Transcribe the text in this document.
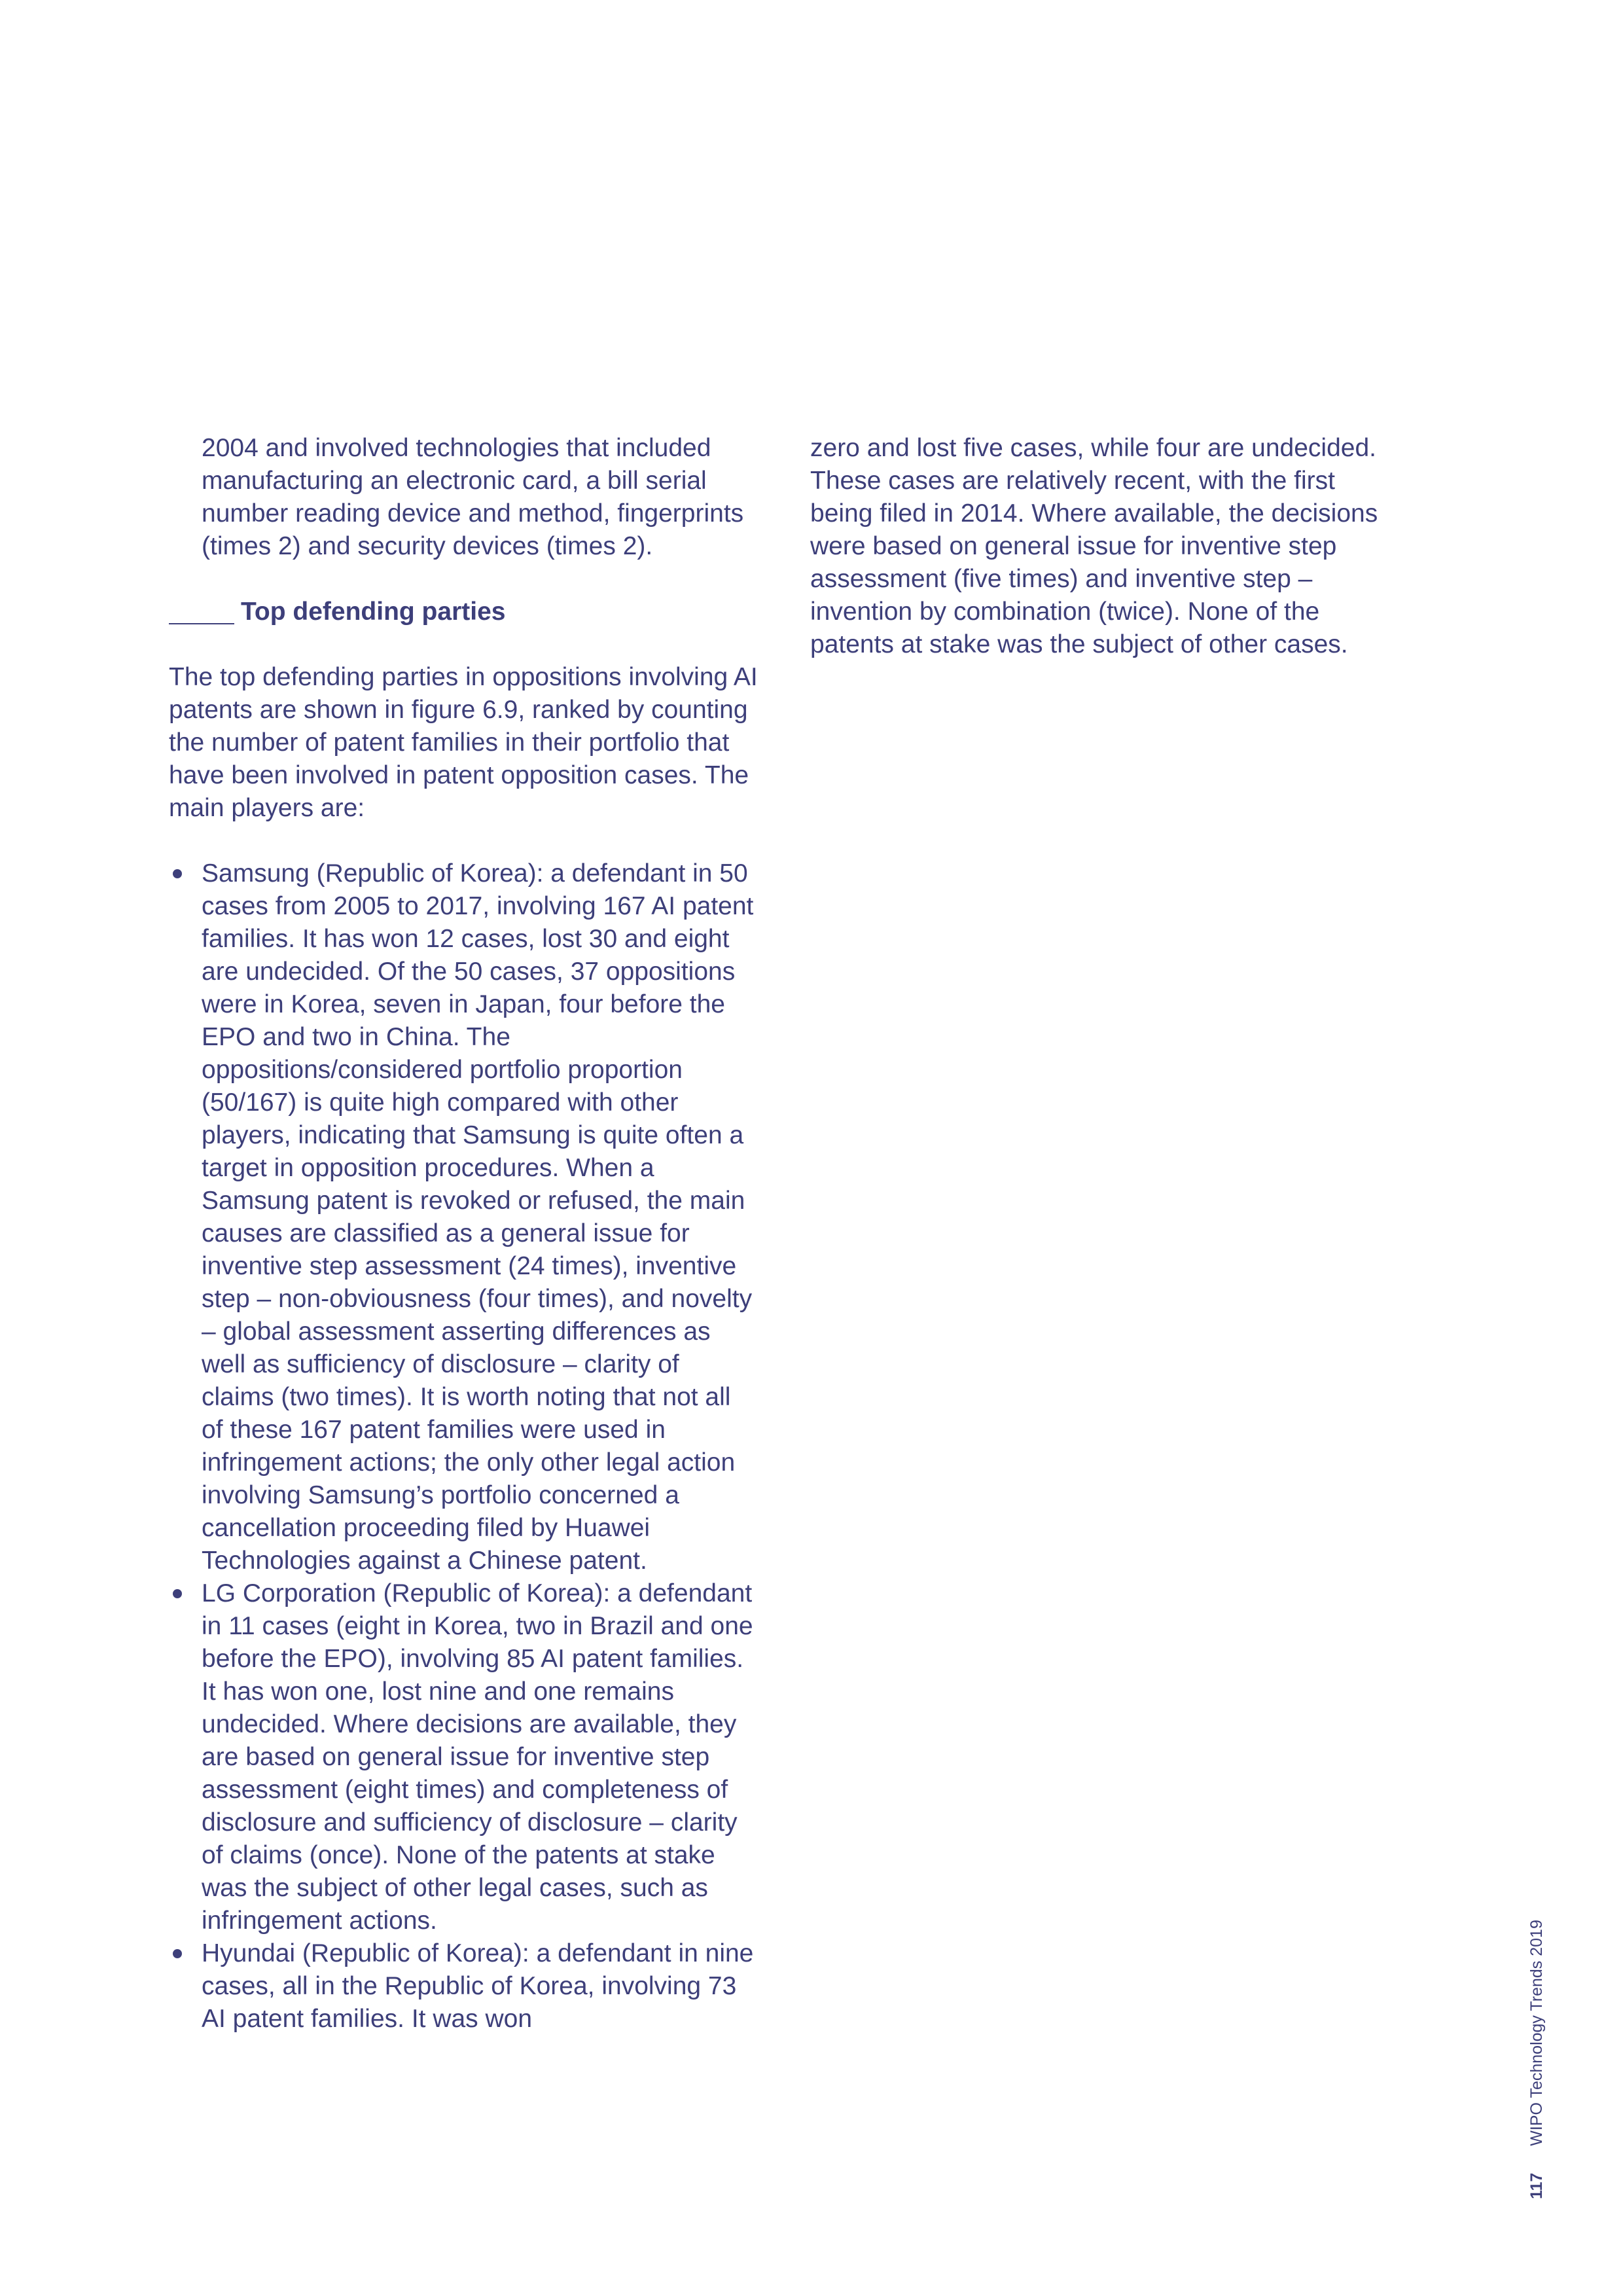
2004 and involved technologies that included manufacturing an electronic card, a bill serial number reading device and method, fingerprints (times 2) and security devices (times 2).

Top defending parties

The top defending parties in oppositions involving AI patents are shown in figure 6.9, ranked by counting the number of patent families in their portfolio that have been involved in patent opposition cases. The main players are:

Samsung (Republic of Korea): a defendant in 50 cases from 2005 to 2017, involving 167 AI patent families. It has won 12 cases, lost 30 and eight are undecided. Of the 50 cases, 37 oppositions were in Korea, seven in Japan, four before the EPO and two in China. The oppositions/considered portfolio proportion (50/167) is quite high compared with other players, indicating that Samsung is quite often a target in opposition procedures. When a Samsung patent is revoked or refused, the main causes are classified as a general issue for inventive step assessment (24 times), inventive step – non-obviousness (four times), and novelty – global assessment asserting differences as well as sufficiency of disclosure – clarity of claims (two times). It is worth noting that not all of these 167 patent families were used in infringement actions; the only other legal action involving Samsung’s portfolio concerned a cancellation proceeding filed by Huawei Technologies against a Chinese patent.
LG Corporation (Republic of Korea): a defendant in 11 cases (eight in Korea, two in Brazil and one before the EPO), involving 85 AI patent families. It has won one, lost nine and one remains undecided. Where decisions are available, they are based on general issue for inventive step assessment (eight times) and completeness of disclosure and sufficiency of disclosure – clarity of claims (once). None of the patents at stake was the subject of other legal cases, such as infringement actions.
Hyundai (Republic of Korea): a defendant in nine cases, all in the Republic of Korea, involving 73 AI patent families. It was won

zero and lost five cases, while four are undecided. These cases are relatively recent, with the first being filed in 2014. Where available, the decisions were based on general issue for inventive step assessment (five times) and inventive step – invention by combination (twice). None of the patents at stake was the subject of other cases.

117 WIPO Technology Trends 2019
